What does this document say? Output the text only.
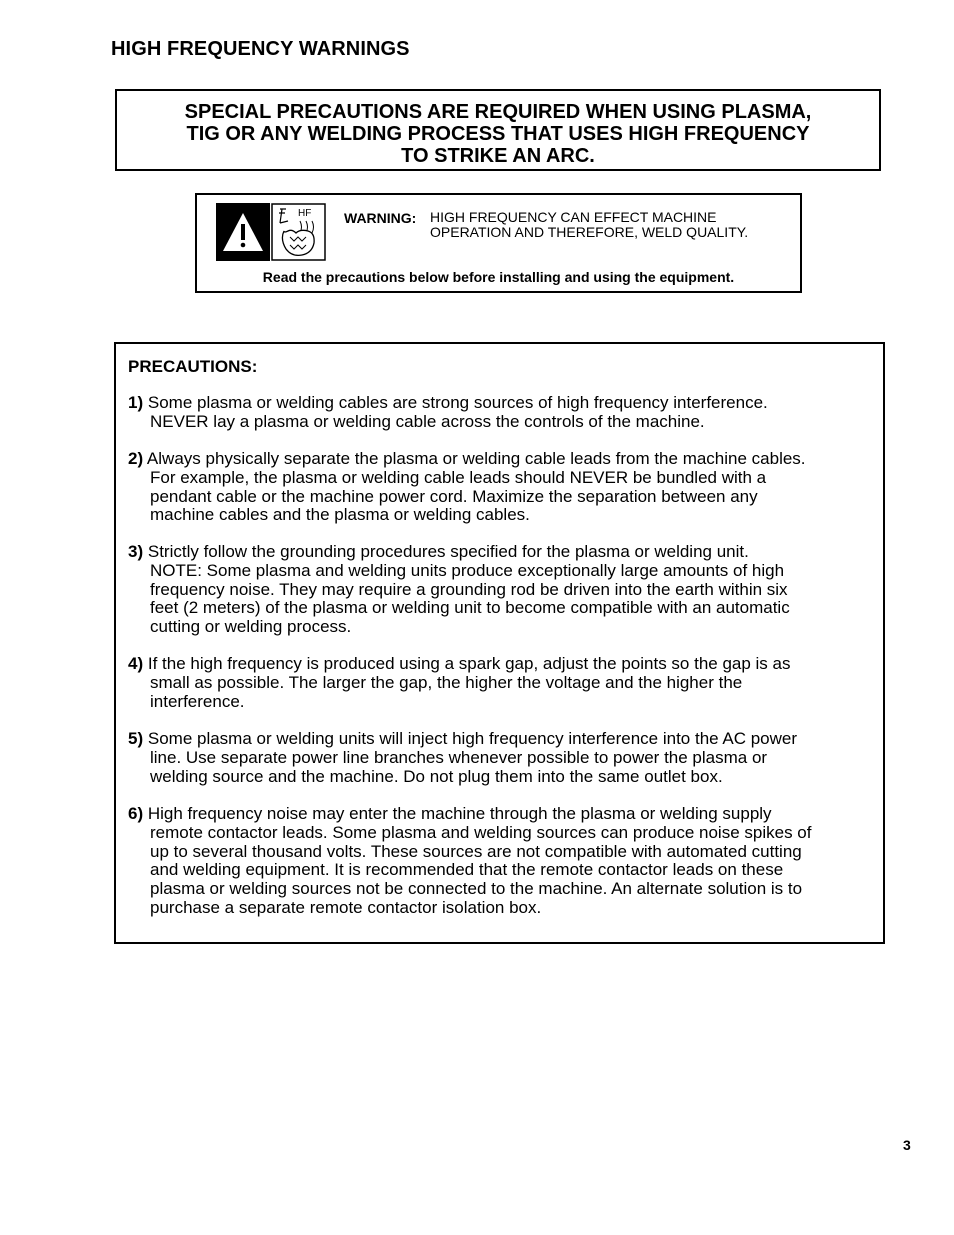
HIGH FREQUENCY WARNINGS
SPECIAL PRECAUTIONS ARE REQUIRED WHEN USING PLASMA,
TIG OR ANY WELDING PROCESS THAT USES HIGH FREQUENCY
TO STRIKE AN ARC.
HF WARNING: HIGH FREQUENCY CAN EFFECT MACHINE
OPERATION AND THEREFORE, WELD QUALITY.
Read the precautions below before installing and using the equipment.
PRECAUTIONS:
1) Some plasma or welding cables are strong sources of high frequency interference.
NEVER lay a plasma or welding cable across the controls of the machine.
2) Always physically separate the plasma or welding cable leads from the machine cables.
For example, the plasma or welding cable leads should NEVER be bundled with a
pendant cable or the machine power cord. Maximize the separation between any
machine cables and the plasma or welding cables.
3) Strictly follow the grounding procedures specified for the plasma or welding unit.
NOTE: Some plasma and welding units produce exceptionally large amounts of high
frequency noise. They may require a grounding rod be driven into the earth within six
feet (2 meters) of the plasma or welding unit to become compatible with an automatic
cutting or welding process.
4) If the high frequency is produced using a spark gap, adjust the points so the gap is as
small as possible. The larger the gap, the higher the voltage and the higher the
interference.
5) Some plasma or welding units will inject high frequency interference into the AC power
line. Use separate power line branches whenever possible to power the plasma or
welding source and the machine. Do not plug them into the same outlet box.
6) High frequency noise may enter the machine through the plasma or welding supply
remote contactor leads. Some plasma and welding sources can produce noise spikes of
up to several thousand volts. These sources are not compatible with automated cutting
and welding equipment. It is recommended that the remote contactor leads on these
plasma or welding sources not be connected to the machine. An alternate solution is to
purchase a separate remote contactor isolation box.
3
